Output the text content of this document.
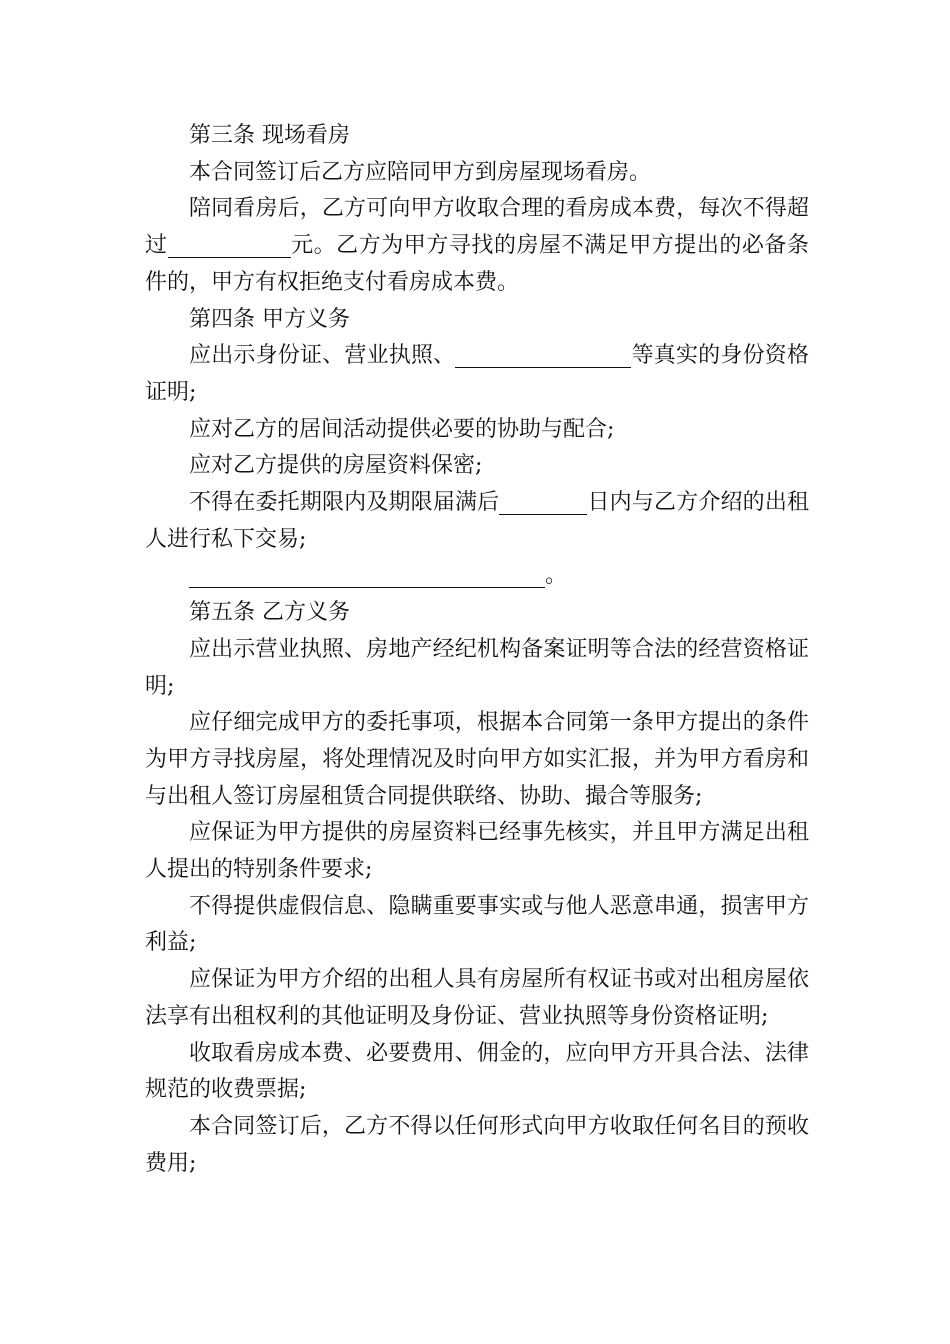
第三条 现场看房

本合同签订后乙方应陪同甲方到房屋现场看房。

陪同看房后，乙方可向甲方收取合理的看房成本费，每次不得超过	元。乙方为甲方寻找的房屋不满足甲方提出的必备条件的，甲方有权拒绝支付看房成本费。

第四条 甲方义务

应出示身份证、营业执照、	等真实的身份资格证明;

应对乙方的居间活动提供必要的协助与配合;

应对乙方提供的房屋资料保密;

不得在委托期限内及期限届满后	日内与乙方介绍的出租人进行私下交易;

。

第五条 乙方义务

应出示营业执照、房地产经纪机构备案证明等合法的经营资格证明;

应仔细完成甲方的委托事项，根据本合同第一条甲方提出的条件为甲方寻找房屋，将处理情况及时向甲方如实汇报，并为甲方看房和与出租人签订房屋租赁合同提供联络、协助、撮合等服务;

应保证为甲方提供的房屋资料已经事先核实，并且甲方满足出租人提出的特别条件要求;

不得提供虚假信息、隐瞒重要事实或与他人恶意串通，损害甲方利益;

应保证为甲方介绍的出租人具有房屋所有权证书或对出租房屋依法享有出租权利的其他证明及身份证、营业执照等身份资格证明;

收取看房成本费、必要费用、佣金的，应向甲方开具合法、法律规范的收费票据;

本合同签订后，乙方不得以任何形式向甲方收取任何名目的预收费用;
